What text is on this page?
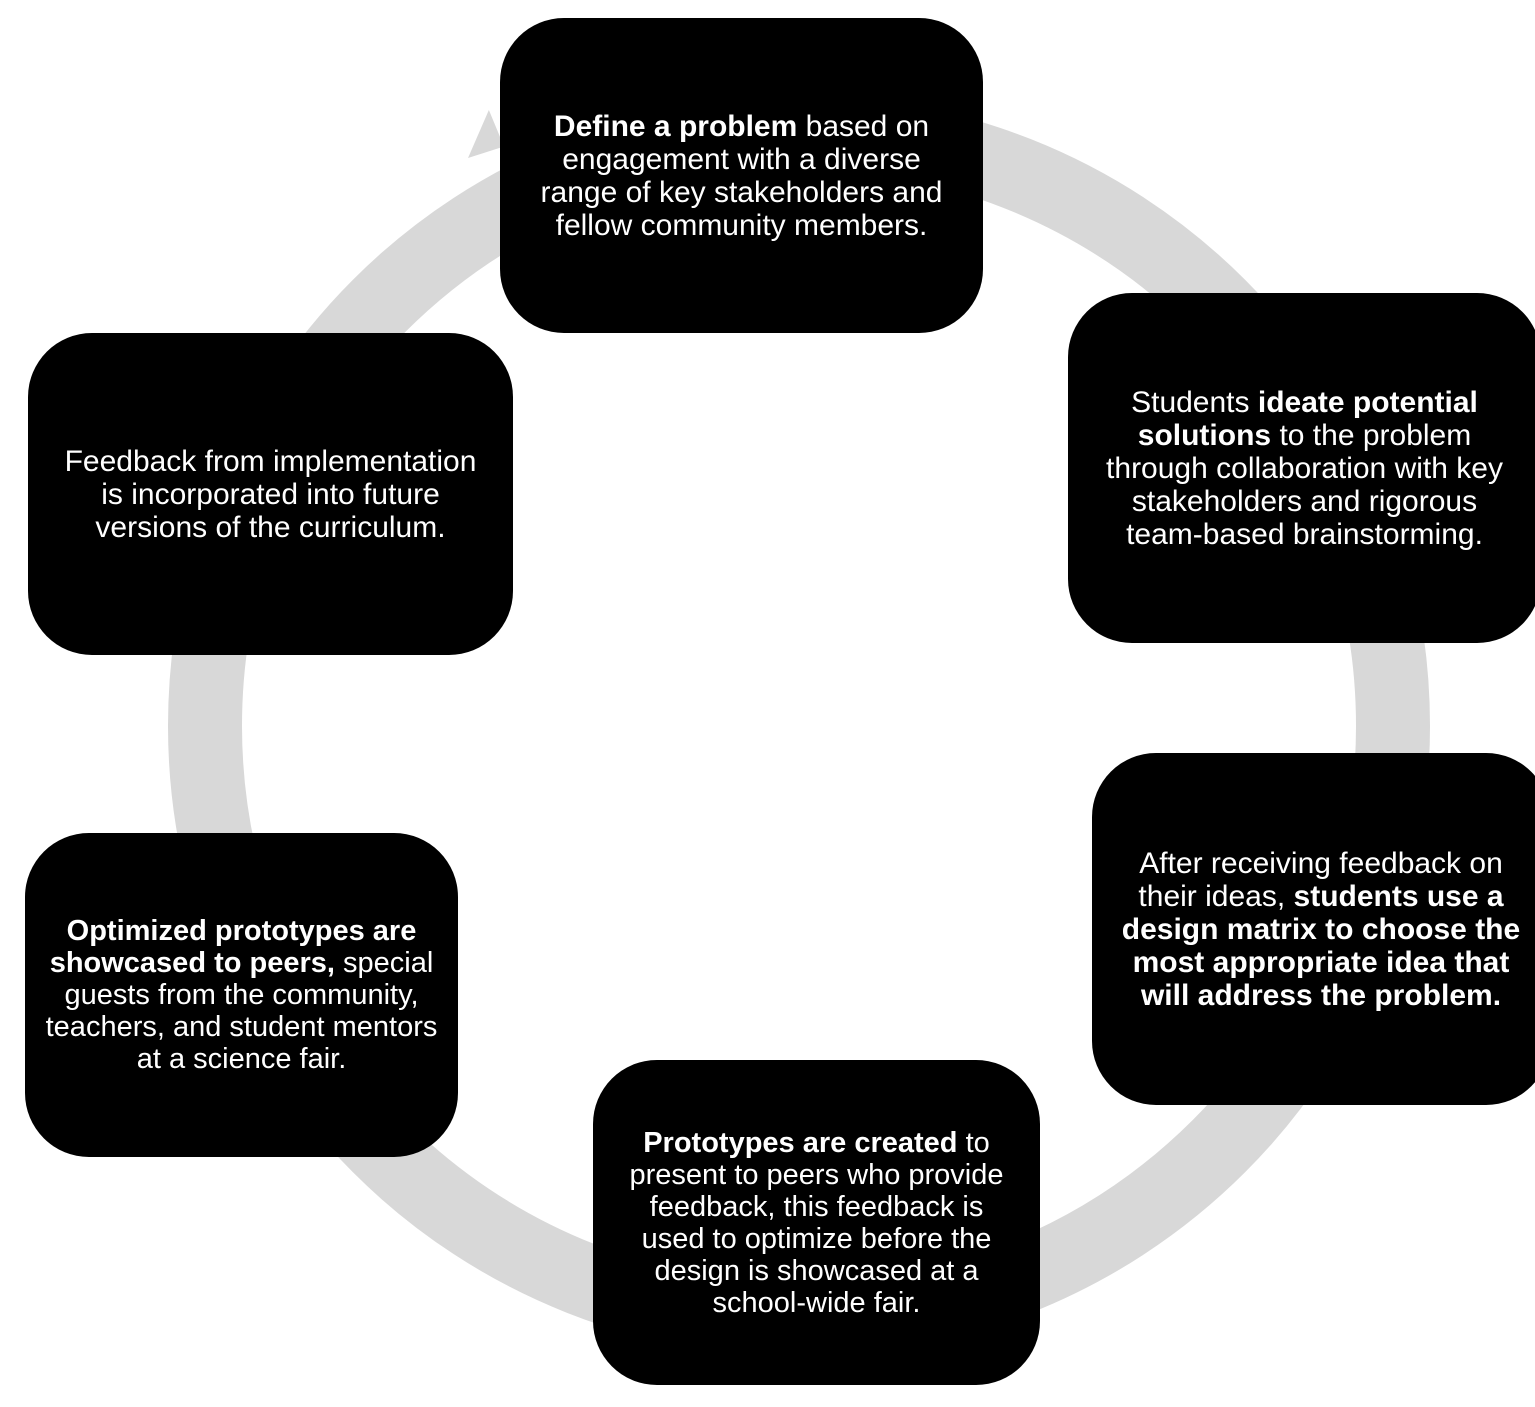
Define a problem based on engagement with a diverse range of key stakeholders and fellow community members.

Students ideate potential solutions to the problem through collaboration with key stakeholders and rigorous team-based brainstorming.

After receiving feedback on their ideas, students use a design matrix to choose the most appropriate idea that will address the problem.

Prototypes are created to present to peers who provide feedback, this feedback is used to optimize before the design is showcased at a school-wide fair.

Optimized prototypes are showcased to peers, special guests from the community, teachers, and student mentors at a science fair.

Feedback from implementation is incorporated into future versions of the curriculum.
